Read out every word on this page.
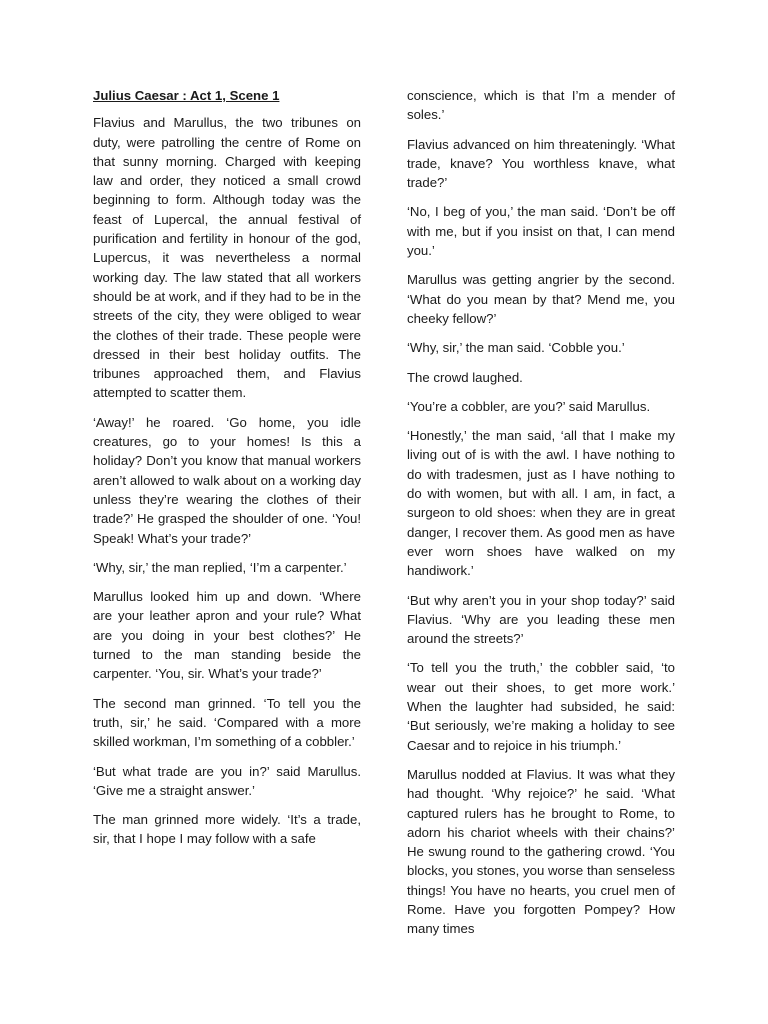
Julius Caesar : Act 1, Scene 1

Flavius and Marullus, the two tribunes on duty, were patrolling the centre of Rome on that sunny morning. Charged with keeping law and order, they noticed a small crowd beginning to form. Although today was the feast of Lupercal, the annual festival of purification and fertility in honour of the god, Lupercus, it was nevertheless a normal working day. The law stated that all workers should be at work, and if they had to be in the streets of the city, they were obliged to wear the clothes of their trade. These people were dressed in their best holiday outfits. The tribunes approached them, and Flavius attempted to scatter them.

‘Away!’ he roared. ‘Go home, you idle creatures, go to your homes! Is this a holiday? Don’t you know that manual workers aren’t allowed to walk about on a working day unless they’re wearing the clothes of their trade?’ He grasped the shoulder of one. ‘You! Speak! What’s your trade?’

‘Why, sir,’ the man replied, ‘I’m a carpenter.’

Marullus looked him up and down. ‘Where are your leather apron and your rule? What are you doing in your best clothes?’ He turned to the man standing beside the carpenter. ‘You, sir. What’s your trade?’

The second man grinned. ‘To tell you the truth, sir,’ he said. ‘Compared with a more skilled workman, I’m something of a cobbler.’

‘But what trade are you in?’ said Marullus. ‘Give me a straight answer.’

The man grinned more widely. ‘It’s a trade, sir, that I hope I may follow with a safe

conscience, which is that I’m a mender of soles.’

Flavius advanced on him threateningly. ‘What trade, knave? You worthless knave, what trade?’

‘No, I beg of you,’ the man said. ‘Don’t be off with me, but if you insist on that, I can mend you.’

Marullus was getting angrier by the second. ‘What do you mean by that? Mend me, you cheeky fellow?’

‘Why, sir,’ the man said. ‘Cobble you.’

The crowd laughed.

‘You’re a cobbler, are you?’ said Marullus.

‘Honestly,’ the man said, ‘all that I make my living out of is with the awl. I have nothing to do with tradesmen, just as I have nothing to do with women, but with all. I am, in fact, a surgeon to old shoes: when they are in great danger, I recover them. As good men as have ever worn shoes have walked on my handiwork.’

‘But why aren’t you in your shop today?’ said Flavius. ‘Why are you leading these men around the streets?’

‘To tell you the truth,’ the cobbler said, ‘to wear out their shoes, to get more work.’ When the laughter had subsided, he said: ‘But seriously, we’re making a holiday to see Caesar and to rejoice in his triumph.’

Marullus nodded at Flavius. It was what they had thought. ‘Why rejoice?’ he said. ‘What captured rulers has he brought to Rome, to adorn his chariot wheels with their chains?’ He swung round to the gathering crowd. ‘You blocks, you stones, you worse than senseless things! You have no hearts, you cruel men of Rome. Have you forgotten Pompey? How many times
